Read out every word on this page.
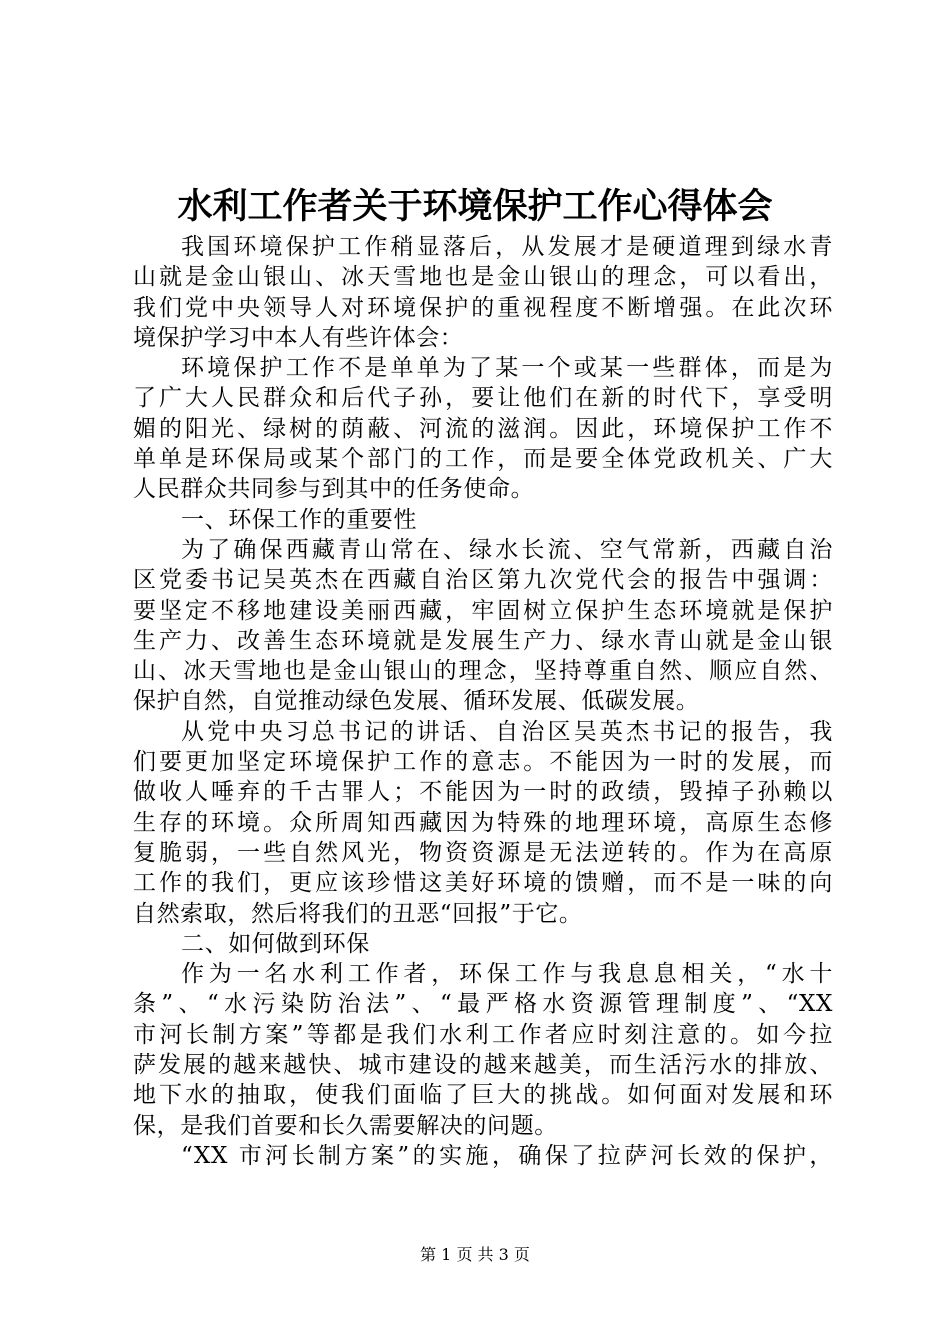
水利工作者关于环境保护工作心得体会
我国环境保护工作稍显落后，从发展才是硬道理到绿水青
山就是金山银山、冰天雪地也是金山银山的理念，可以看出，
我们党中央领导人对环境保护的重视程度不断增强。在此次环
境保护学习中本人有些许体会：
环境保护工作不是单单为了某一个或某一些群体，而是为
了广大人民群众和后代子孙，要让他们在新的时代下，享受明
媚的阳光、绿树的荫蔽、河流的滋润。因此，环境保护工作不
单单是环保局或某个部门的工作，而是要全体党政机关、广大
人民群众共同参与到其中的任务使命。
一、环保工作的重要性
为了确保西藏青山常在、绿水长流、空气常新，西藏自治
区党委书记吴英杰在西藏自治区第九次党代会的报告中强调：
要坚定不移地建设美丽西藏，牢固树立保护生态环境就是保护
生产力、改善生态环境就是发展生产力、绿水青山就是金山银
山、冰天雪地也是金山银山的理念，坚持尊重自然、顺应自然、
保护自然，自觉推动绿色发展、循环发展、低碳发展。
从党中央习总书记的讲话、自治区吴英杰书记的报告，我
们要更加坚定环境保护工作的意志。不能因为一时的发展，而
做收人唾弃的千古罪人；不能因为一时的政绩，毁掉子孙赖以
生存的环境。众所周知西藏因为特殊的地理环境，高原生态修
复脆弱，一些自然风光，物资资源是无法逆转的。作为在高原
工作的我们，更应该珍惜这美好环境的馈赠，而不是一味的向
自然索取，然后将我们的丑恶“回报”于它。
二、如何做到环保
作为一名水利工作者，环保工作与我息息相关，“水十
条”、“水污染防治法”、“最严格水资源管理制度”、“XX
市河长制方案”等都是我们水利工作者应时刻注意的。如今拉
萨发展的越来越快、城市建设的越来越美，而生活污水的排放、
地下水的抽取，使我们面临了巨大的挑战。如何面对发展和环
保，是我们首要和长久需要解决的问题。
“XX 市河长制方案”的实施，确保了拉萨河长效的保护，
第 1 页 共 3 页
